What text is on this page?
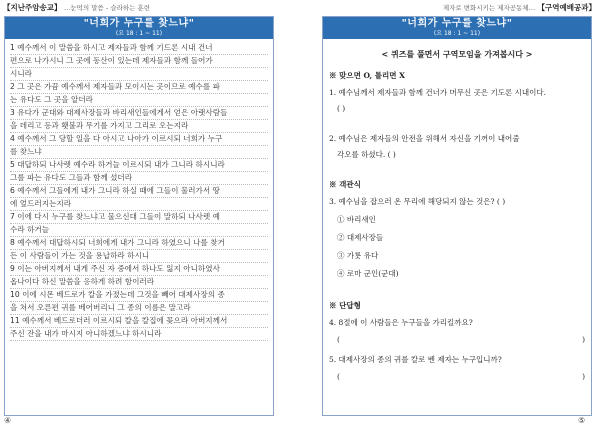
【지난주암송교】 …눈먹의 말씀 - 슬라하는 훈련	제자로 변화시키는 제자공동체… 【구역예배공과】
"너희가 누구를 찾느냐"
(요 18 : 1 ~ 11)
1 예수께서 이 말씀을 하시고 제자들과 함께 기드론 시내 건너
편으로 나가시니 그 곳에 동산이 있는데 제자들과 함께 들어가
시니라
2 그 곳은 가끔 예수께서 제자들과 모이시는 곳이므로 예수를 파
는 유다도 그 곳을 알더라
3 유다가 군대와 대제사장들과 바리새인들에게서 얻은 아랫사람들
을 데리고 등과 횃불과 무기를 가지고 그리로 오는지라
4 예수께서 그 당할 일을 다 아시고 나아가 이르시되 너희가 누구
를 찾느냐
5 대답하되 나사렛 예수라 하거늘 이르시되 내가 그니라 하시니라
그를 파는 유다도 그들과 함께 섰더라
6 예수께서 그들에게 내가 그니라 하실 때에 그들이 물러가서 땅
에 엎드러지는지라
7 이에 다시 누구를 찾느냐고 물으신대 그들이 말하되 나사렛 예
수라 하거늘
8 예수께서 대답하시되 너희에게 내가 그니라 하였으니 나를 찾거
든 이 사람들이 가는 것을 용납하라 하시니
9 이는 아버지께서 내게 주신 자 중에서 하나도 잃지 아니하였사
옵나이다 하신 말씀을 응하게 하려 함이러라
10 이에 시몬 베드로가 칼을 가졌는데 그것을 빼어 대제사장의 종
을 쳐서 오른편 귀를 베어버리니 그 종의 이름은 말고라
11 예수께서 베드로더러 이르시되 칼을 칼집에 꽂으라 아버지께서
주신 잔을 내가 마시지 아니하겠느냐 하시니라
"너희가 누구를 찾느냐"
(요 18 : 1 ~ 11)
< 퀴즈를 풀면서 구역모임을 가져봅시다 >
※ 맞으면 O, 틀리면 X
1. 예수님께서 제자들과 함께 건너가 머무신 곳은 기도론 시내이다.
( )
2. 예수님은 제자들의 안전을 위해서 자신을 기꺼이 내어줄
각오를 하셨다. ( )
※ 객관식
3. 예수님을 잡으러 온 무리에 해당되지 않는 것은? ( )
① 바리새인
② 대제사장들
③ 가룟 유다
④ 로마 군인(군대)
※ 단답형
4. 8절에 이 사람들은 누구들을 가리킬까요?
(	)
5. 대제사장의 종의 귀를 칼로 벤 제자는 누구입니까?
(	)
④	⑤
